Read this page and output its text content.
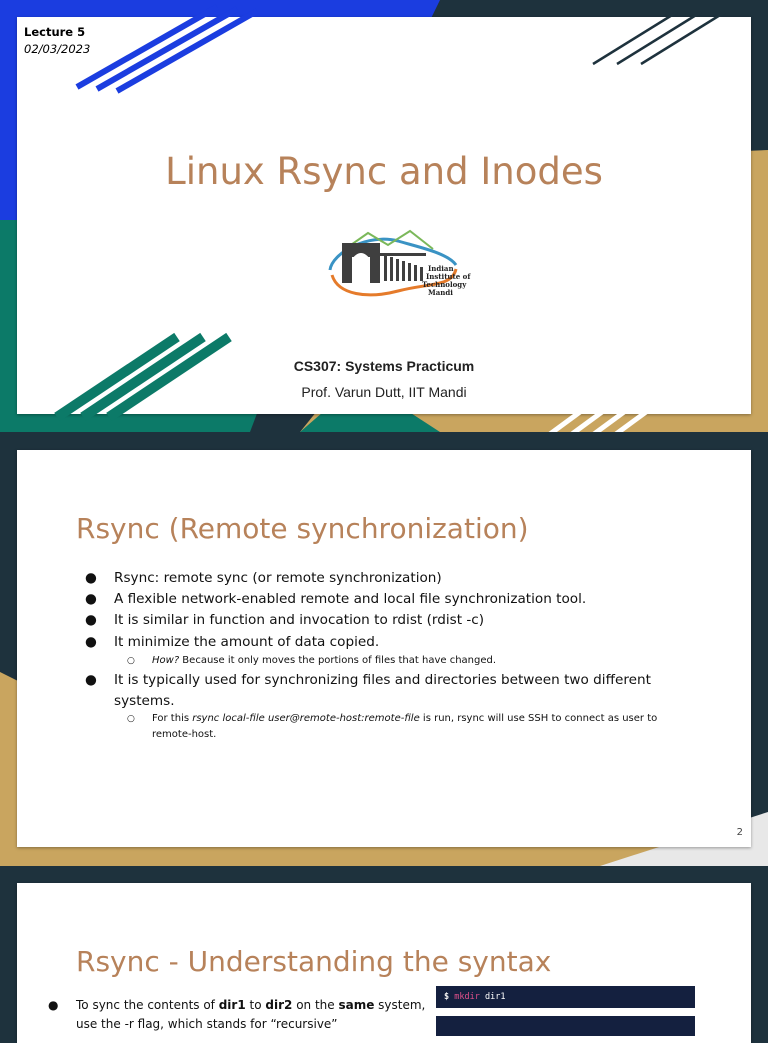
Lecture 5
02/03/2023
Linux Rsync and Inodes
Indian
Institute of
Technology
Mandi
CS307: Systems Practicum
Prof. Varun Dutt, IIT Mandi
Rsync (Remote synchronization)
● Rsync: remote sync (or remote synchronization)
● A flexible network-enabled remote and local file synchronization tool.
● It is similar in function and invocation to rdist (rdist -c)
● It minimize the amount of data copied.
○ How? Because it only moves the portions of files that have changed.
● It is typically used for synchronizing files and directories between two different systems.
○ For this rsync local-file user@remote-host:remote-file is run, rsync will use SSH to connect as user to remote-host.
2
Rsync - Understanding the syntax
● To sync the contents of dir1 to dir2 on the same system,
use the -r flag, which stands for “recursive”
$ mkdir dir1
